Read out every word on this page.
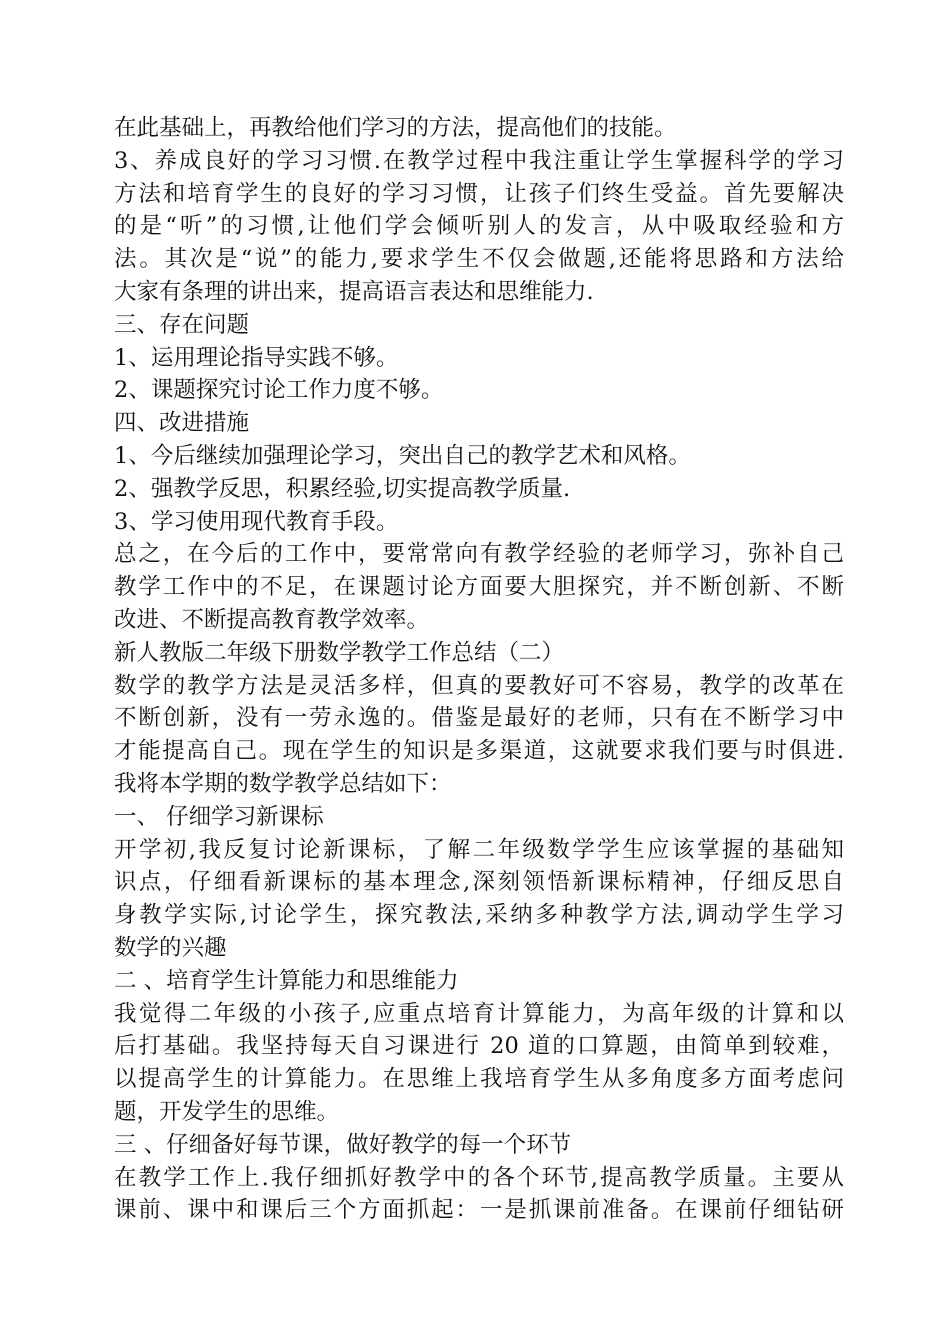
在此基础上，再教给他们学习的方法，提高他们的技能。
3、养成良好的学习习惯.在教学过程中我注重让学生掌握科学的学习
方法和培育学生的良好的学习习惯，让孩子们终生受益。首先要解决
的是“听”的习惯,让他们学会倾听别人的发言，从中吸取经验和方
法。其次是“说”的能力,要求学生不仅会做题,还能将思路和方法给
大家有条理的讲出来，提高语言表达和思维能力.
三、存在问题
1、运用理论指导实践不够。
2、课题探究讨论工作力度不够。
四、改进措施
1、今后继续加强理论学习，突出自己的教学艺术和风格。
2、强教学反思，积累经验,切实提高教学质量.
3、学习使用现代教育手段。
总之，在今后的工作中，要常常向有教学经验的老师学习，弥补自己
教学工作中的不足，在课题讨论方面要大胆探究，并不断创新、不断
改进、不断提高教育教学效率。
新人教版二年级下册数学教学工作总结（二）
数学的教学方法是灵活多样，但真的要教好可不容易，教学的改革在
不断创新，没有一劳永逸的。借鉴是最好的老师，只有在不断学习中
才能提高自己。现在学生的知识是多渠道，这就要求我们要与时俱进.
我将本学期的数学教学总结如下：
一、 仔细学习新课标
开学初,我反复讨论新课标，了解二年级数学学生应该掌握的基础知
识点，仔细看新课标的基本理念,深刻领悟新课标精神，仔细反思自
身教学实际,讨论学生，探究教法,采纳多种教学方法,调动学生学习
数学的兴趣
二 、培育学生计算能力和思维能力
我觉得二年级的小孩子,应重点培育计算能力，为高年级的计算和以
后打基础。我坚持每天自习课进行 20 道的口算题，由简单到较难，
以提高学生的计算能力。在思维上我培育学生从多角度多方面考虑问
题，开发学生的思维。
三 、仔细备好每节课，做好教学的每一个环节
在教学工作上.我仔细抓好教学中的各个环节,提高教学质量。主要从
课前、课中和课后三个方面抓起：一是抓课前准备。在课前仔细钻研
